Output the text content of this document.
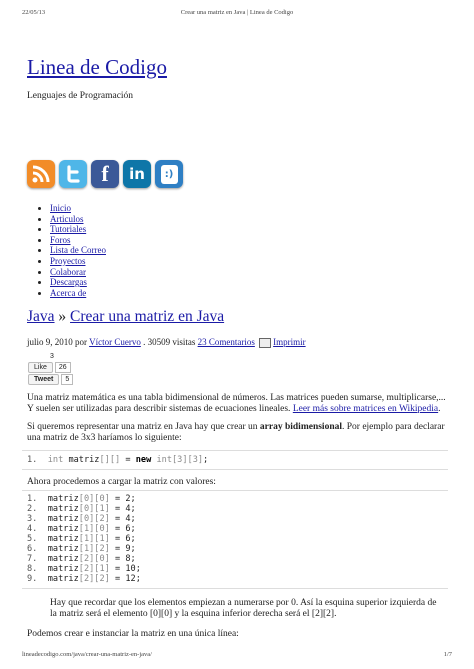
22/05/13	Crear una matriz en Java | Linea de Codigo
Linea de Codigo
Lenguajes de Programación
f	in	:)
• Inicio
• Articulos
• Tutoriales
• Foros
• Lista de Correo
• Proyectos
• Colaborar
• Descargas
• Acerca de
Java » Crear una matriz en Java
julio 9, 2010 por Víctor Cuervo . 30509 visitas 23 Comentarios Imprimir
3
Like 26
Tweet 5

Una matriz matemática es una tabla bidimensional de números. Las matrices pueden sumarse, multiplicarse,... Y suelen ser utilizadas para describir sistemas de ecuaciones lineales. Leer más sobre matrices en Wikipedia.

Si queremos representar una matriz en Java hay que crear un array bidimensional. Por ejemplo para declarar una matriz de 3x3 haríamos lo siguiente:

1. int matriz[][] = new int[3][3];

Ahora procedemos a cargar la matriz con valores:

1. matriz[0][0] = 2;
2. matriz[0][1] = 4;
3. matriz[0][2] = 4;
4. matriz[1][0] = 6;
5. matriz[1][1] = 6;
6. matriz[1][2] = 9;
7. matriz[2][0] = 8;
8. matriz[2][1] = 10;
9. matriz[2][2] = 12;

Hay que recordar que los elementos empiezan a numerarse por 0. Así la esquina superior izquierda de la matriz será el elemento [0][0] y la esquina inferior derecha será el [2][2].

Podemos crear e instanciar la matriz en una única línea:

lineadecodigo.com/java/crear-una-matriz-en-java/	1/7
